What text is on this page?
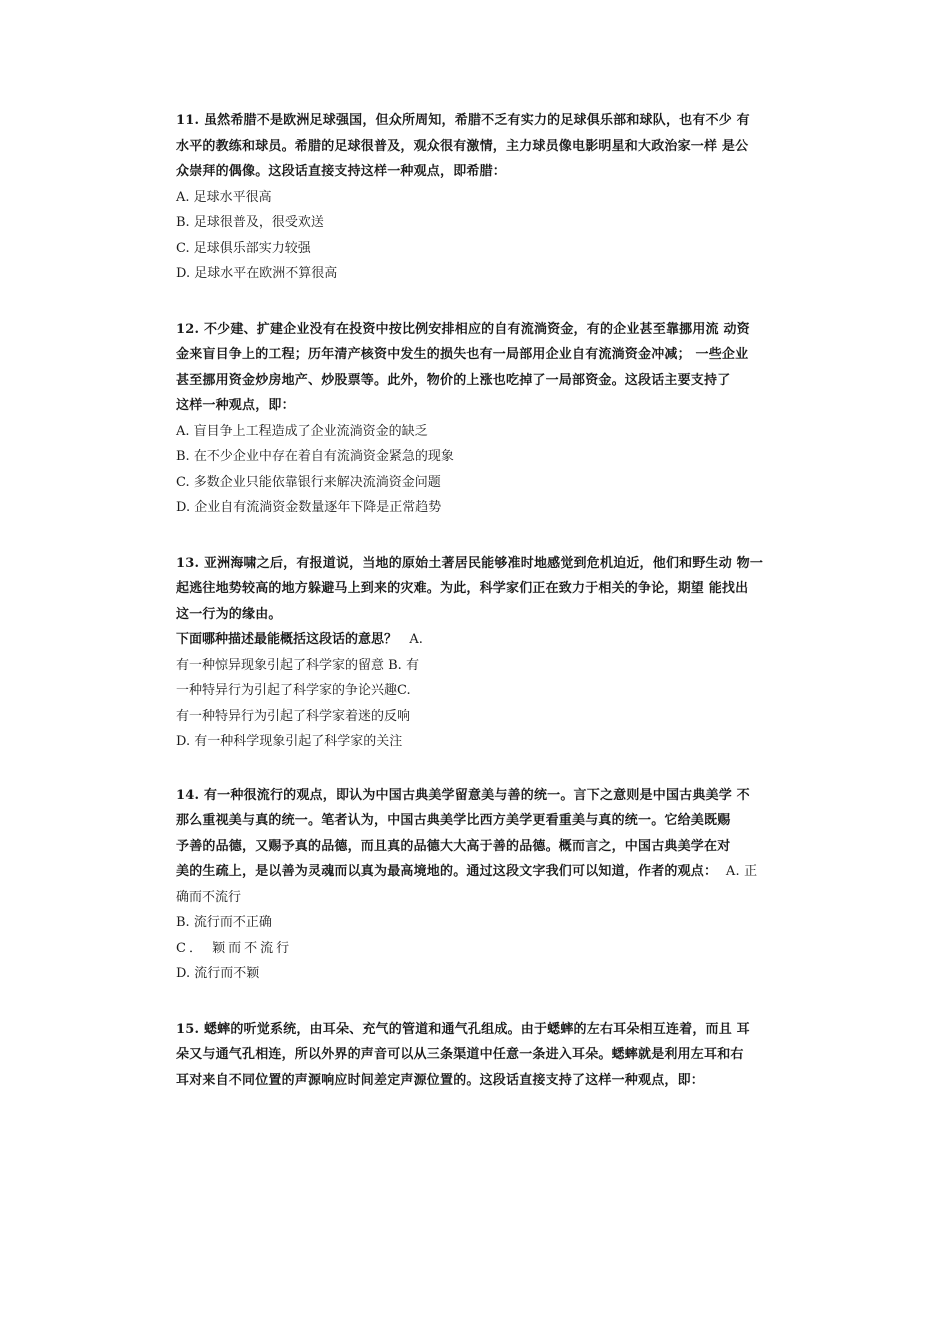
11. 虽然希腊不是欧洲足球强国，但众所周知，希腊不乏有实力的足球俱乐部和球队，也有不少 有
水平的教练和球员。希腊的足球很普及，观众很有激情，主力球员像电影明星和大政治家一样 是公
众崇拜的偶像。这段话直接支持这样一种观点，即希腊：

A. 足球水平很高

B. 足球很普及，很受欢送

C. 足球俱乐部实力较强

D. 足球水平在欧洲不算很高

12. 不少建、扩建企业没有在投资中按比例安排相应的自有流淌资金，有的企业甚至靠挪用流 动资
金来盲目争上的工程；历年清产核资中发生的损失也有一局部用企业自有流淌资金冲减； 一些企业
甚至挪用资金炒房地产、炒股票等。此外，物价的上涨也吃掉了一局部资金。这段话主要支持了
这样一种观点，即：

A. 盲目争上工程造成了企业流淌资金的缺乏

B. 在不少企业中存在着自有流淌资金紧急的现象

C. 多数企业只能依靠银行来解决流淌资金问题

D. 企业自有流淌资金数量逐年下降是正常趋势

13. 亚洲海啸之后，有报道说，当地的原始土著居民能够准时地感觉到危机迫近，他们和野生动 物一
起逃往地势较高的地方躲避马上到来的灾难。为此，科学家们正在致力于相关的争论，期望 能找出
这一行为的缘由。

下面哪种描述最能概括这段话的意思？   A.

有一种惊异现象引起了科学家的留意 B. 有

一种特异行为引起了科学家的争论兴趣C.

有一种特异行为引起了科学家着迷的反响

D. 有一种科学现象引起了科学家的关注

14. 有一种很流行的观点，即认为中国古典美学留意美与善的统一。言下之意则是中国古典美学 不
那么重视美与真的统一。笔者认为，中国古典美学比西方美学更看重美与真的统一。它给美既赐
予善的品德，又赐予真的品德，而且真的品德大大高于善的品德。概而言之，中国古典美学在对
美的生疏上，是以善为灵魂而以真为最高境地的。通过这段文字我们可以知道，作者的观点：  A. 正

确而不流行

B. 流行而不正确

C． 颖而不流行

D. 流行而不颖

15. 蟋蟀的听觉系统，由耳朵、充气的管道和通气孔组成。由于蟋蟀的左右耳朵相互连着，而且 耳
朵又与通气孔相连，所以外界的声音可以从三条渠道中任意一条进入耳朵。蟋蟀就是利用左耳和右
耳对来自不同位置的声源响应时间差定声源位置的。这段话直接支持了这样一种观点，即：
